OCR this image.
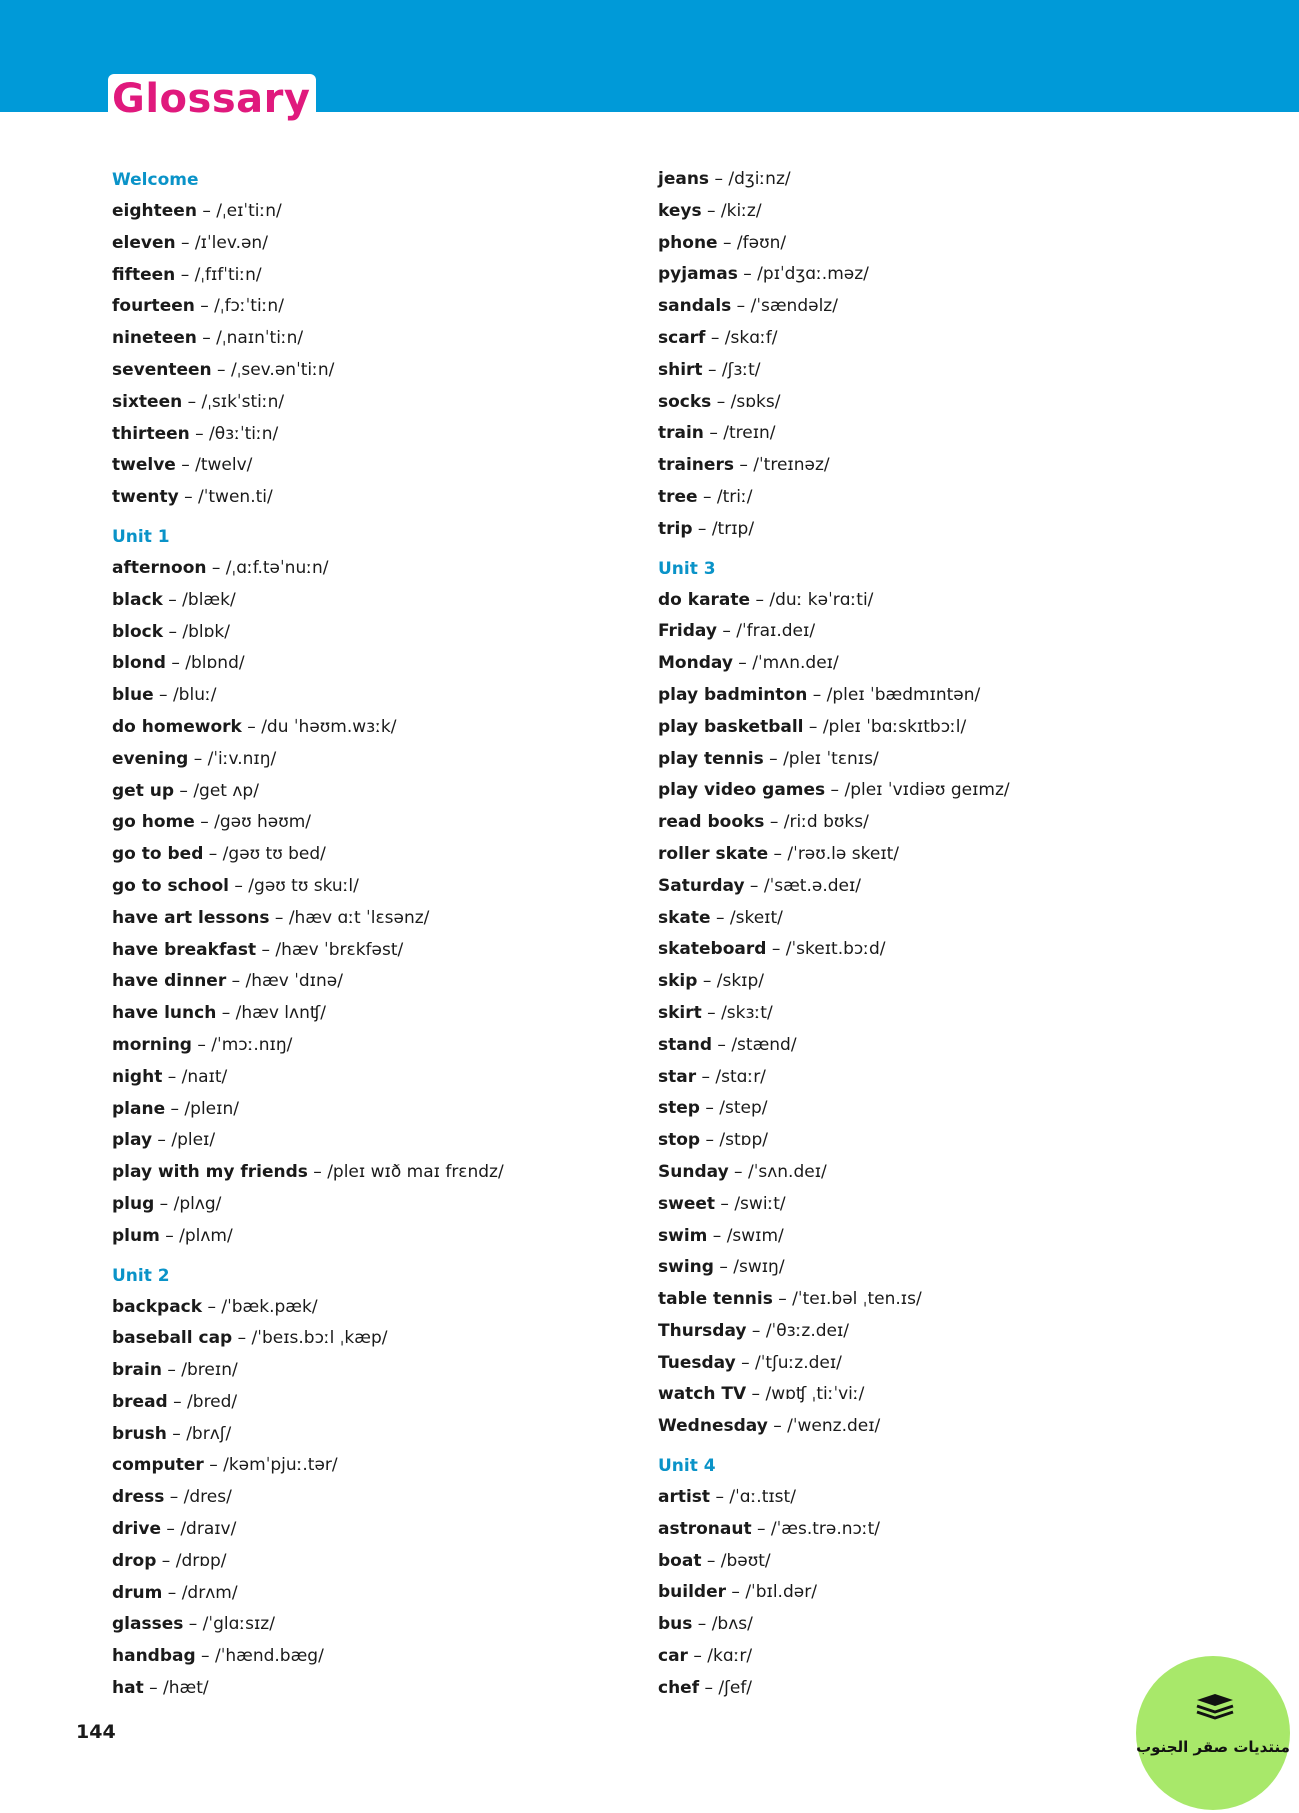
Glossary
Welcome
eighteen – /ˌeɪˈtiːn/
eleven – /ɪˈlev.ən/
fifteen – /ˌfɪfˈtiːn/
fourteen – /ˌfɔːˈtiːn/
nineteen – /ˌnaɪnˈtiːn/
seventeen – /ˌsev.ənˈtiːn/
sixteen – /ˌsɪkˈstiːn/
thirteen – /θɜːˈtiːn/
twelve – /twelv/
twenty – /ˈtwen.ti/
Unit 1
afternoon – /ˌɑːf.təˈnuːn/
black – /blæk/
block – /blɒk/
blond – /blɒnd/
blue – /bluː/
do homework – /du ˈhəʊm.wɜːk/
evening – /ˈiːv.nɪŋ/
get up – /get ʌp/
go home – /gəʊ həʊm/
go to bed – /gəʊ tʊ bed/
go to school – /gəʊ tʊ skuːl/
have art lessons – /hæv ɑːt ˈlɛsənz/
have breakfast – /hæv ˈbrɛkfəst/
have dinner – /hæv ˈdɪnə/
have lunch – /hæv lʌnʧ/
morning – /ˈmɔː.nɪŋ/
night – /naɪt/
plane – /pleɪn/
play – /pleɪ/
play with my friends – /pleɪ wɪð maɪ frɛndz/
plug – /plʌg/
plum – /plʌm/
Unit 2
backpack – /ˈbæk.pæk/
baseball cap – /ˈbeɪs.bɔːl ˌkæp/
brain – /breɪn/
bread – /bred/
brush – /brʌʃ/
computer – /kəmˈpjuː.tər/
dress – /dres/
drive – /draɪv/
drop – /drɒp/
drum – /drʌm/
glasses – /ˈglɑːsɪz/
handbag – /ˈhænd.bæg/
hat – /hæt/
jeans – /dʒiːnz/
keys – /kiːz/
phone – /fəʊn/
pyjamas – /pɪˈdʒɑː.məz/
sandals – /ˈsændəlz/
scarf – /skɑːf/
shirt – /ʃɜːt/
socks – /sɒks/
train – /treɪn/
trainers – /ˈtreɪnəz/
tree – /triː/
trip – /trɪp/
Unit 3
do karate – /duː kəˈrɑːti/
Friday – /ˈfraɪ.deɪ/
Monday – /ˈmʌn.deɪ/
play badminton – /pleɪ ˈbædmɪntən/
play basketball – /pleɪ ˈbɑːskɪtbɔːl/
play tennis – /pleɪ ˈtɛnɪs/
play video games – /pleɪ ˈvɪdiəʊ geɪmz/
read books – /riːd bʊks/
roller skate – /ˈrəʊ.lə skeɪt/
Saturday – /ˈsæt.ə.deɪ/
skate – /skeɪt/
skateboard – /ˈskeɪt.bɔːd/
skip – /skɪp/
skirt – /skɜːt/
stand – /stænd/
star – /stɑːr/
step – /step/
stop – /stɒp/
Sunday – /ˈsʌn.deɪ/
sweet – /swiːt/
swim – /swɪm/
swing – /swɪŋ/
table tennis – /ˈteɪ.bəl ˌten.ɪs/
Thursday – /ˈθɜːz.deɪ/
Tuesday – /ˈtʃuːz.deɪ/
watch TV – /wɒʧ ˌtiːˈviː/
Wednesday – /ˈwenz.deɪ/
Unit 4
artist – /ˈɑː.tɪst/
astronaut – /ˈæs.trə.nɔːt/
boat – /bəʊt/
builder – /ˈbɪl.dər/
bus – /bʌs/
car – /kɑːr/
chef – /ʃef/
144
منتديات صقر الجنوب
